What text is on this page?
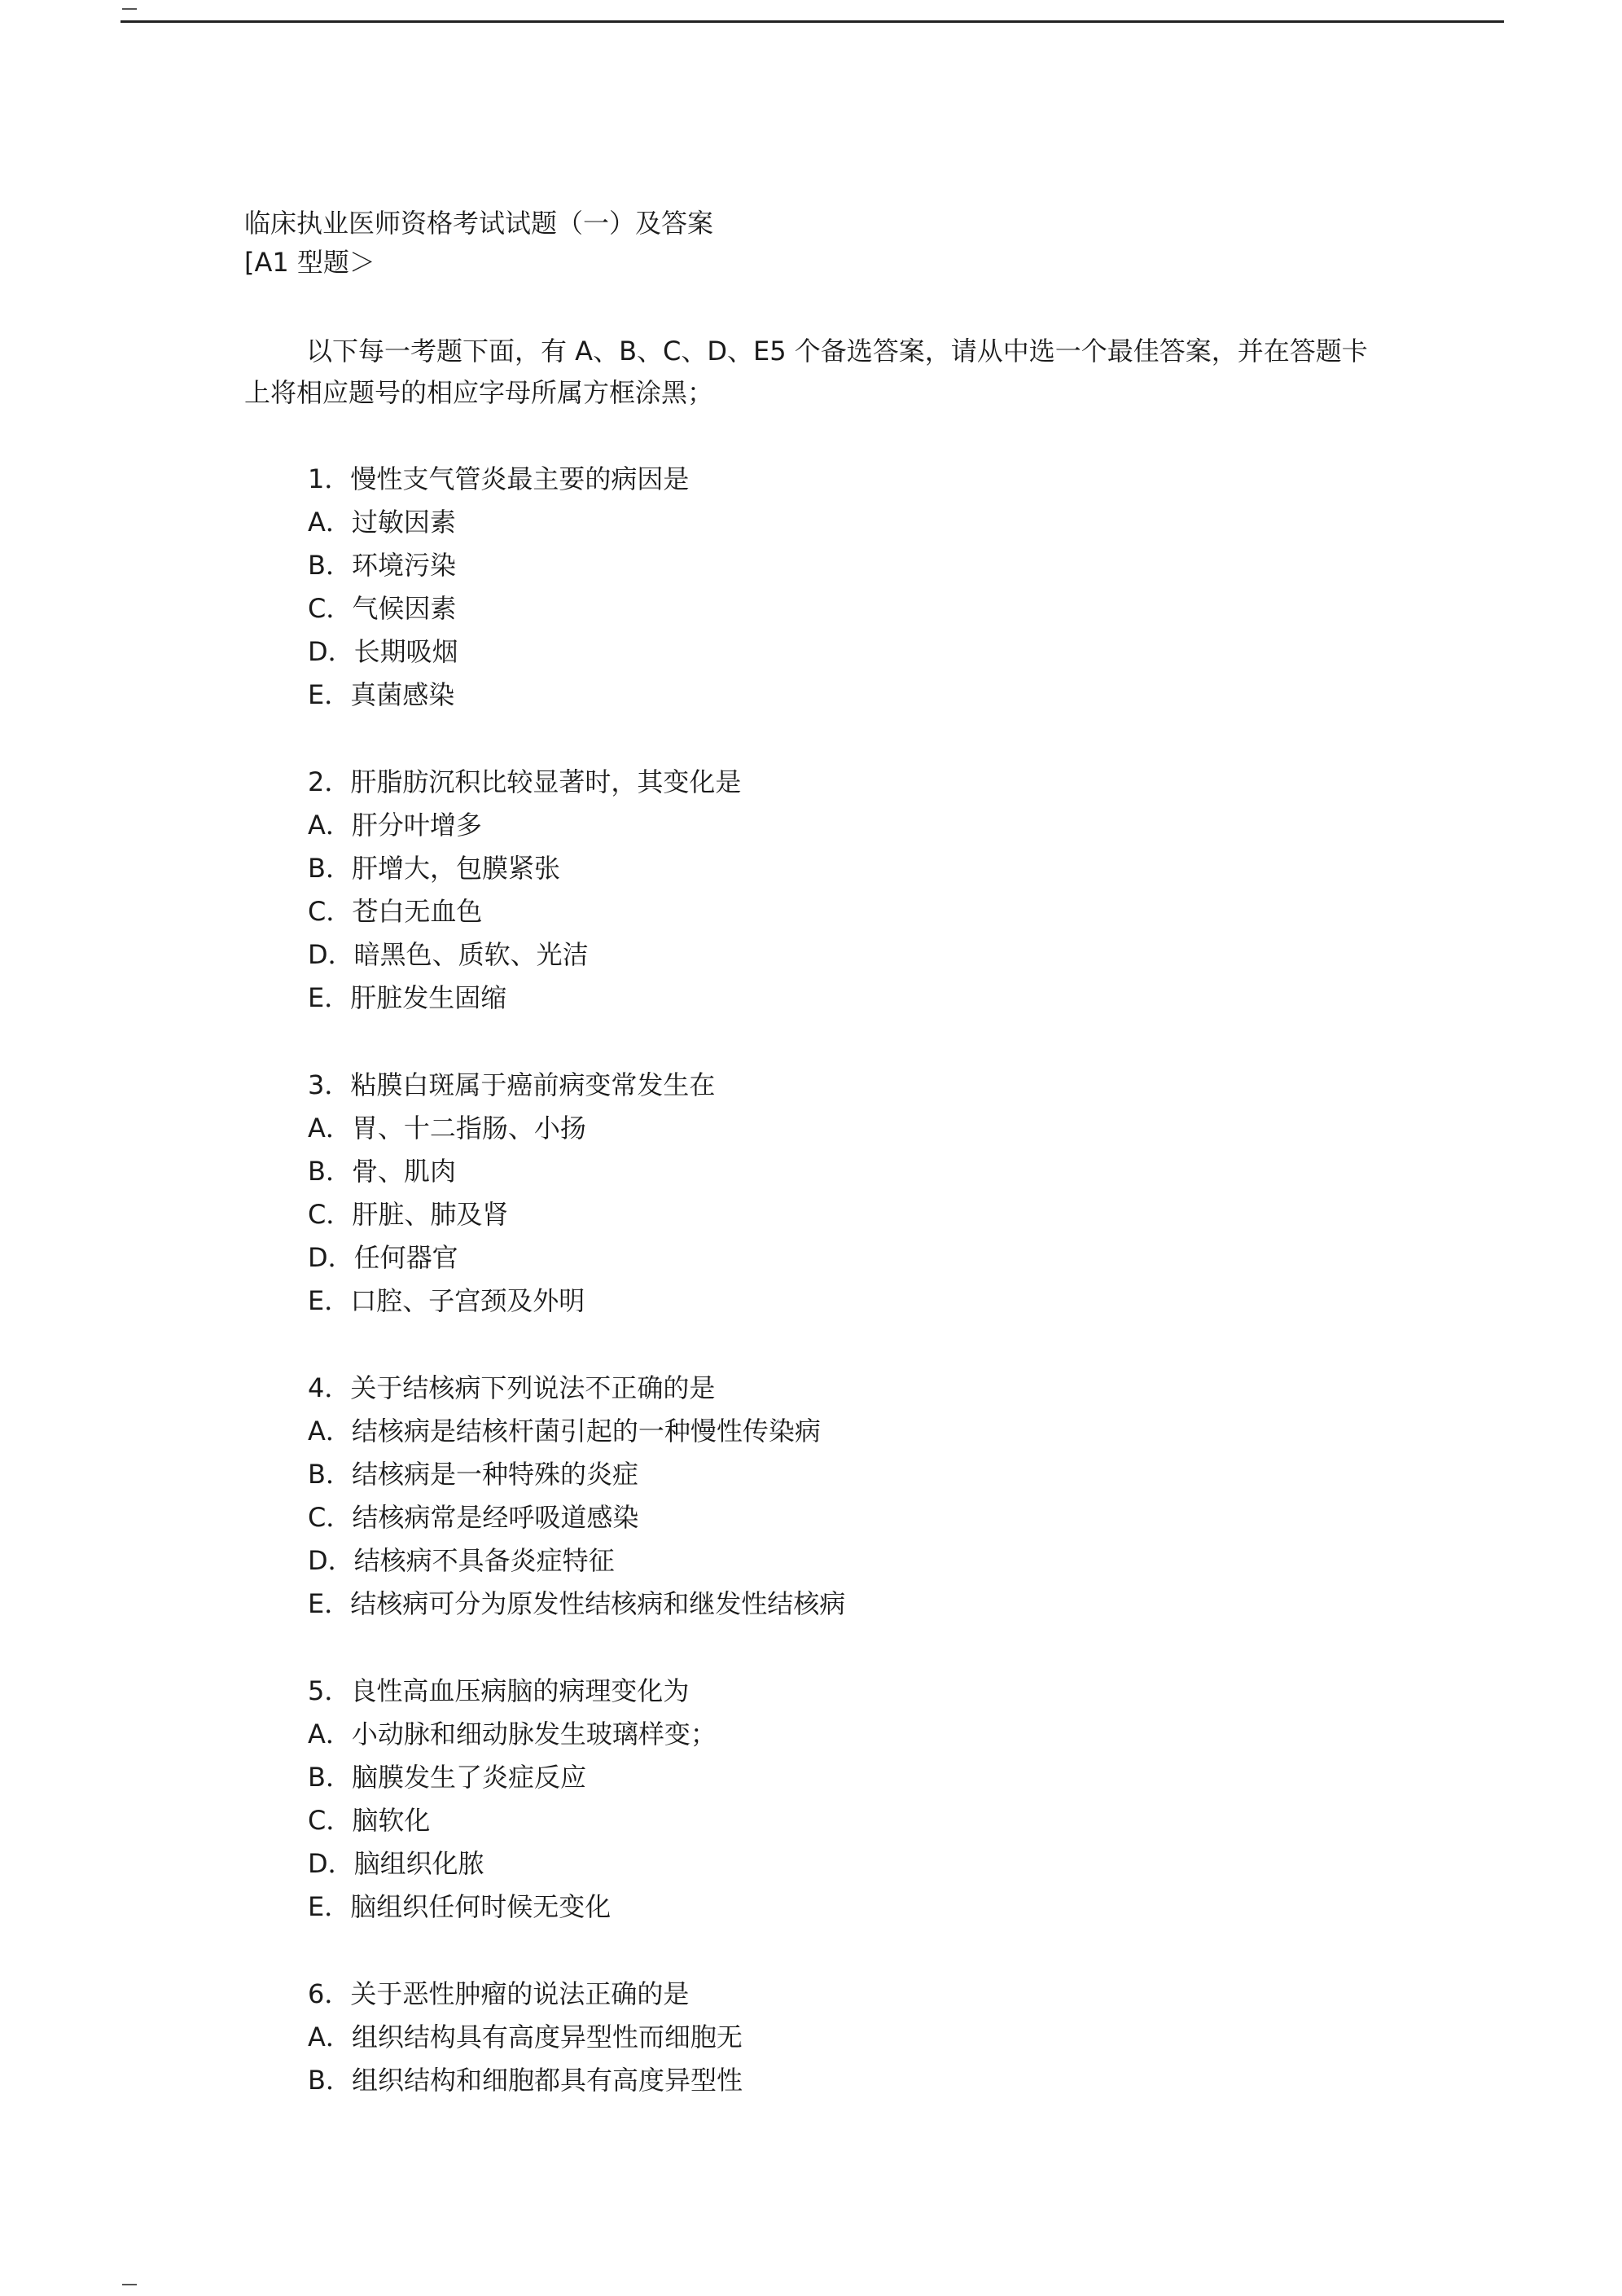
临床执业医师资格考试试题（一）及答案

[A1 型题＞

以下每一考题下面，有 A、B、C、D、E5 个备选答案，请从中选一个最佳答案，并在答题卡上将相应题号的相应字母所属方框涂黑；

1．慢性支气管炎最主要的病因是

A．过敏因素

B．环境污染

C．气候因素

D．长期吸烟

E．真菌感染

2．肝脂肪沉积比较显著时，其变化是

A．肝分叶增多

B．肝增大，包膜紧张

C．苍白无血色

D．暗黑色、质软、光洁

E．肝脏发生固缩

3．粘膜白斑属于癌前病变常发生在

A．胃、十二指肠、小扬

B．骨、肌肉

C．肝脏、肺及肾

D．任何器官

E．口腔、子宫颈及外明

4．关于结核病下列说法不正确的是

A．结核病是结核杆菌引起的一种慢性传染病

B．结核病是一种特殊的炎症

C．结核病常是经呼吸道感染

D．结核病不具备炎症特征

E．结核病可分为原发性结核病和继发性结核病

5．良性高血压病脑的病理变化为

A．小动脉和细动脉发生玻璃样变；

B．脑膜发生了炎症反应

C．脑软化

D．脑组织化脓

E．脑组织任何时候无变化

6．关于恶性肿瘤的说法正确的是

A．组织结构具有高度异型性而细胞无

B．组织结构和细胞都具有高度异型性
